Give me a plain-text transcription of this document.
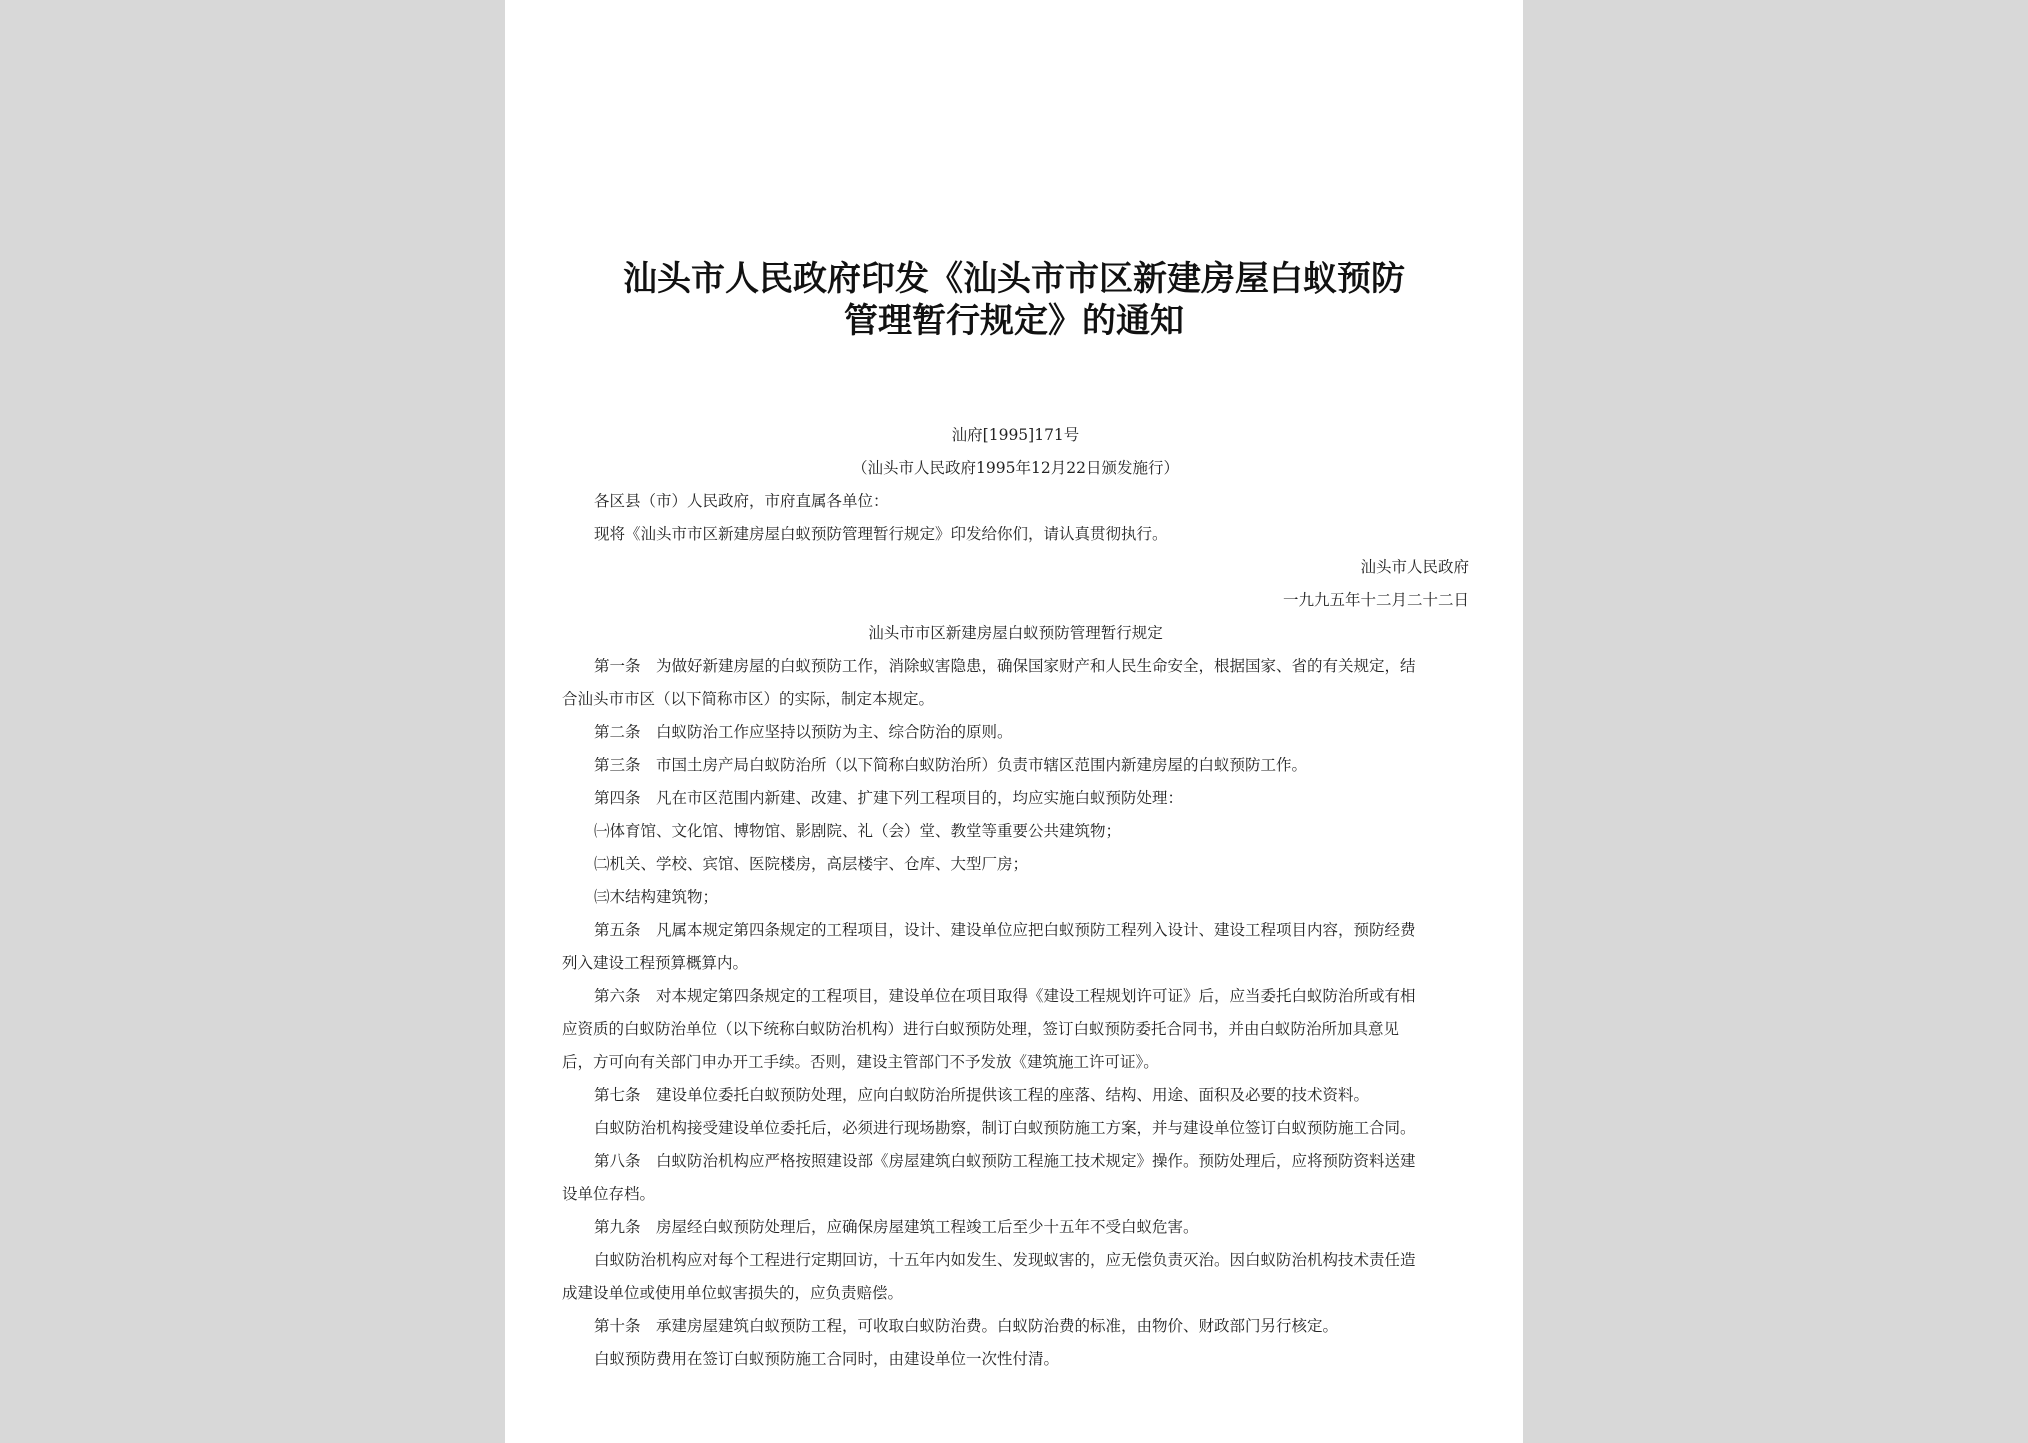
汕头市人民政府印发《汕头市市区新建房屋白蚁预防
管理暂行规定》的通知
汕府[1995]171号
（汕头市人民政府1995年12月22日颁发施行）
各区县（市）人民政府，市府直属各单位：
现将《汕头市市区新建房屋白蚁预防管理暂行规定》印发给你们，请认真贯彻执行。
汕头市人民政府
一九九五年十二月二十二日
汕头市市区新建房屋白蚁预防管理暂行规定
第一条　为做好新建房屋的白蚁预防工作，消除蚁害隐患，确保国家财产和人民生命安全，根据国家、省的有关规定，结
合汕头市市区（以下简称市区）的实际，制定本规定。
第二条　白蚁防治工作应坚持以预防为主、综合防治的原则。
第三条　市国土房产局白蚁防治所（以下简称白蚁防治所）负责市辖区范围内新建房屋的白蚁预防工作。
第四条　凡在市区范围内新建、改建、扩建下列工程项目的，均应实施白蚁预防处理：
㈠体育馆、文化馆、博物馆、影剧院、礼（会）堂、教堂等重要公共建筑物；
㈡机关、学校、宾馆、医院楼房，高层楼宇、仓库、大型厂房；
㈢木结构建筑物；
第五条　凡属本规定第四条规定的工程项目，设计、建设单位应把白蚁预防工程列入设计、建设工程项目内容，预防经费
列入建设工程预算概算内。
第六条　对本规定第四条规定的工程项目，建设单位在项目取得《建设工程规划许可证》后，应当委托白蚁防治所或有相
应资质的白蚁防治单位（以下统称白蚁防治机构）进行白蚁预防处理，签订白蚁预防委托合同书，并由白蚁防治所加具意见
后，方可向有关部门申办开工手续。否则，建设主管部门不予发放《建筑施工许可证》。
第七条　建设单位委托白蚁预防处理，应向白蚁防治所提供该工程的座落、结构、用途、面积及必要的技术资料。
白蚁防治机构接受建设单位委托后，必须进行现场勘察，制订白蚁预防施工方案，并与建设单位签订白蚁预防施工合同。
第八条　白蚁防治机构应严格按照建设部《房屋建筑白蚁预防工程施工技术规定》操作。预防处理后，应将预防资料送建
设单位存档。
第九条　房屋经白蚁预防处理后，应确保房屋建筑工程竣工后至少十五年不受白蚁危害。
白蚁防治机构应对每个工程进行定期回访，十五年内如发生、发现蚁害的，应无偿负责灭治。因白蚁防治机构技术责任造
成建设单位或使用单位蚁害损失的，应负责赔偿。
第十条　承建房屋建筑白蚁预防工程，可收取白蚁防治费。白蚁防治费的标准，由物价、财政部门另行核定。
白蚁预防费用在签订白蚁预防施工合同时，由建设单位一次性付清。
